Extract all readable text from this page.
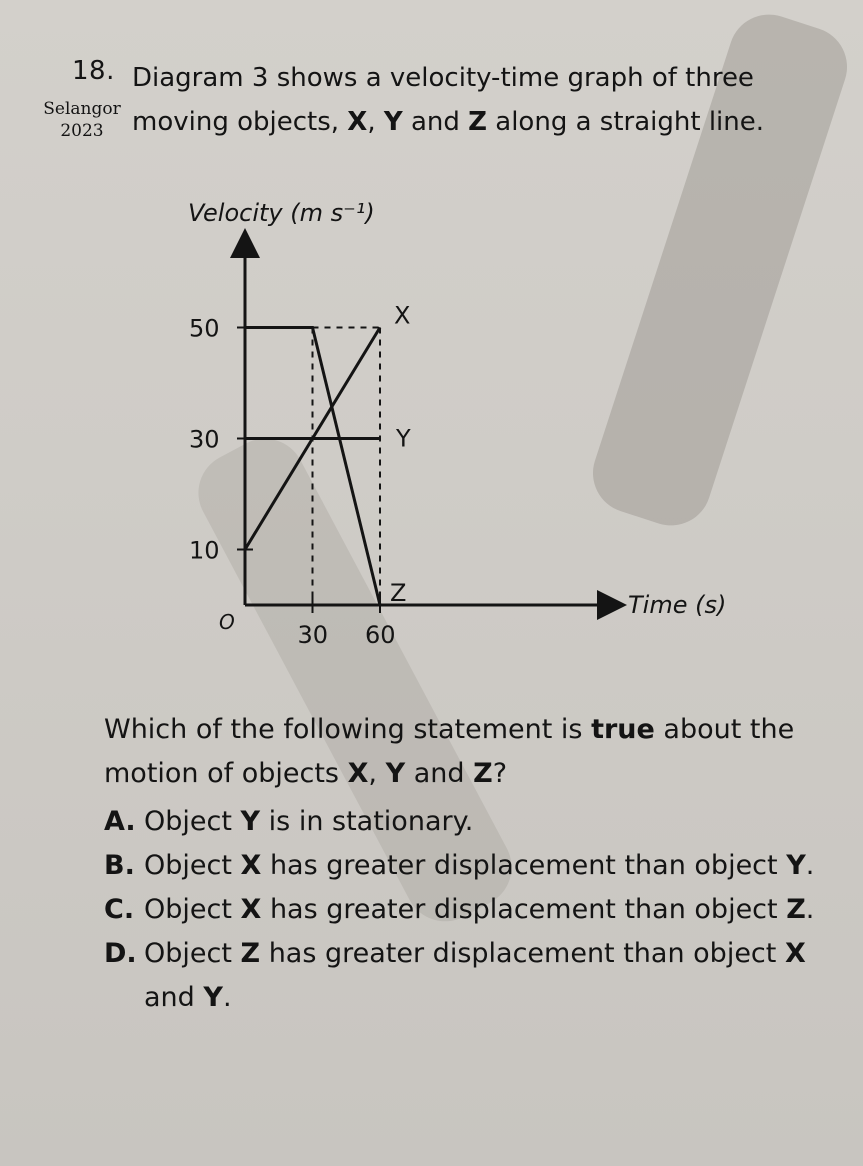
18.
Selangor
2023
Diagram 3 shows a velocity-time graph of three moving objects, X, Y and Z along a straight line.
Velocity (m s⁻¹)
Time (s)
O
10
30
50
30 60
X
Y
Z
Which of the following statement is true about the motion of objects X, Y and Z?
A. Object Y is in stationary.
B. Object X has greater displacement than object Y.
C. Object X has greater displacement than object Z.
D. Object Z has greater displacement than object X and Y.
